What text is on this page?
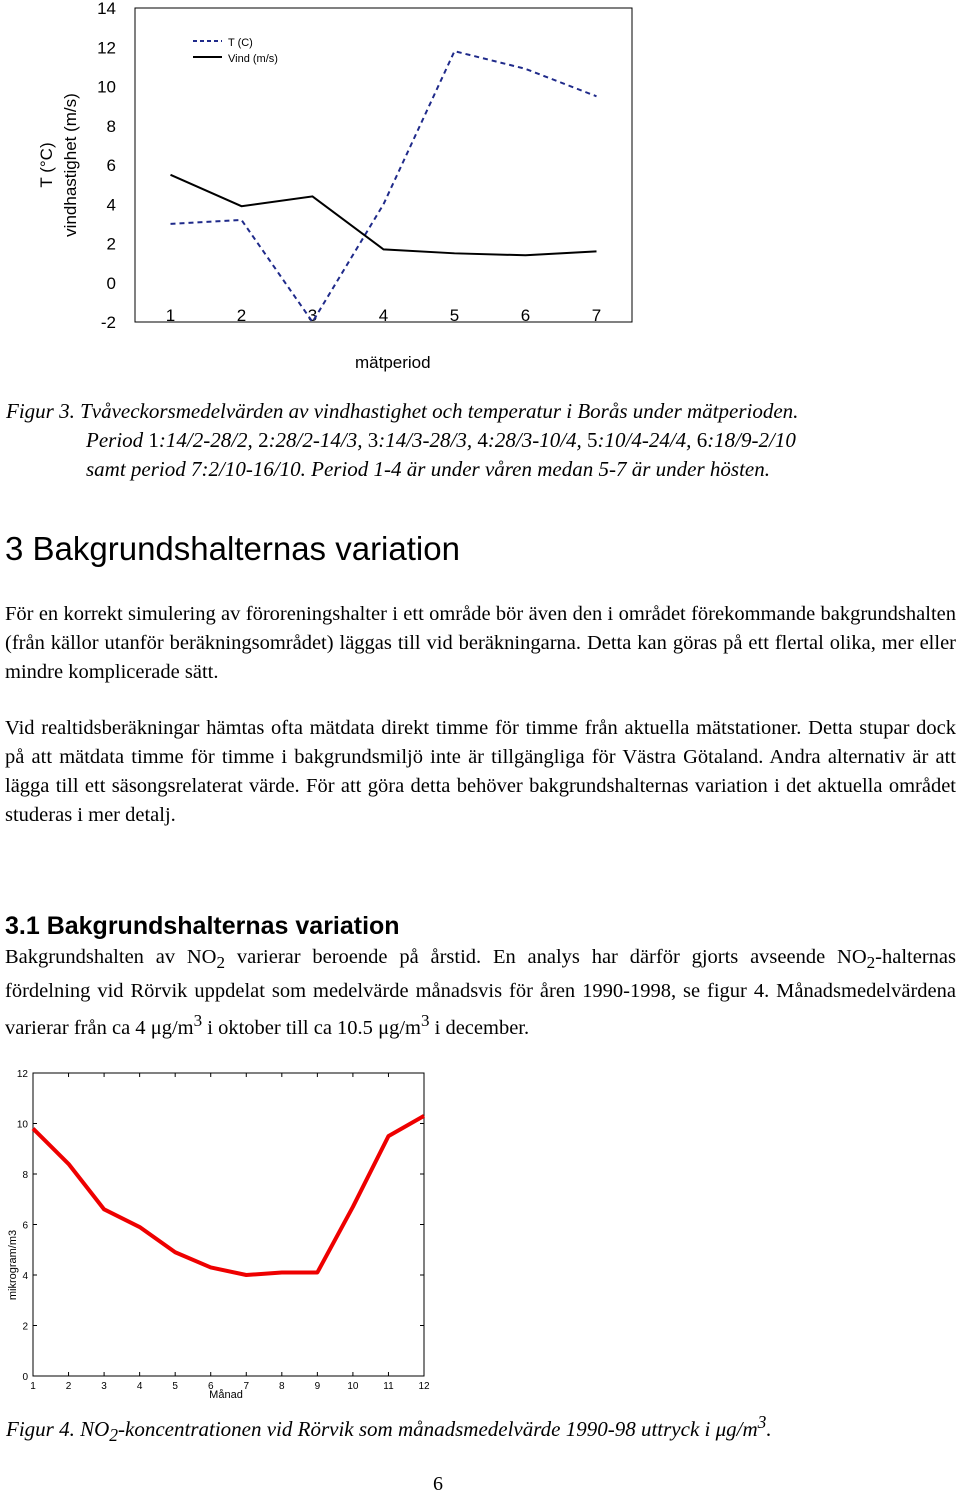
-2
0
2
4
6
8
10
12
14
1	2	3	4	5	6	7
mätperiod
T (°C) vindhastighet (m/s)
T (C)
Vind (m/s)
Figur 3. Tvåveckorsmedelvärden av vindhastighet och temperatur i Borås under mätperioden.
Period 1:14/2-28/2, 2:28/2-14/3, 3:14/3-28/3, 4:28/3-10/4, 5:10/4-24/4, 6:18/9-2/10
samt period 7:2/10-16/10. Period 1-4 är under våren medan 5-7 är under hösten.
3 Bakgrundshalternas variation

För en korrekt simulering av föroreningshalter i ett område bör även den i området förekommande bakgrundshalten (från källor utanför beräkningsområdet) läggas till vid beräkningarna. Detta kan göras på ett flertal olika, mer eller mindre komplicerade sätt.

Vid realtidsberäkningar hämtas ofta mätdata direkt timme för timme från aktuella mätstationer. Detta stupar dock på att mätdata timme för timme i bakgrundsmiljö inte är tillgängliga för Västra Götaland. Andra alternativ är att lägga till ett säsongsrelaterat värde. För att göra detta behöver bakgrundshalternas variation i det aktuella området studeras i mer detalj.

3.1 Bakgrundshalternas variation
Bakgrundshalten av $NO_2$ varierar beroende på årstid. En analys har därför gjorts avseende $NO_2$-halternas fördelning vid Rörvik uppdelat som medelvärde månadsvis för åren 1990-1998, se figur 4. Månadsmedelvärdena varierar från ca 4 $\mu g/m^3$ i oktober till ca 10.5 $\mu g/m^3$ i december.
0
2
4
6
8
10
12
1	2	3	4	5	6	7	8	9	10 11 12
Månad
mikrogram/m3
Figur 4. $NO_2$-koncentrationen vid Rörvik som månadsmedelvärde 1990-98 uttryck i $\mu g/m^3$.
6
